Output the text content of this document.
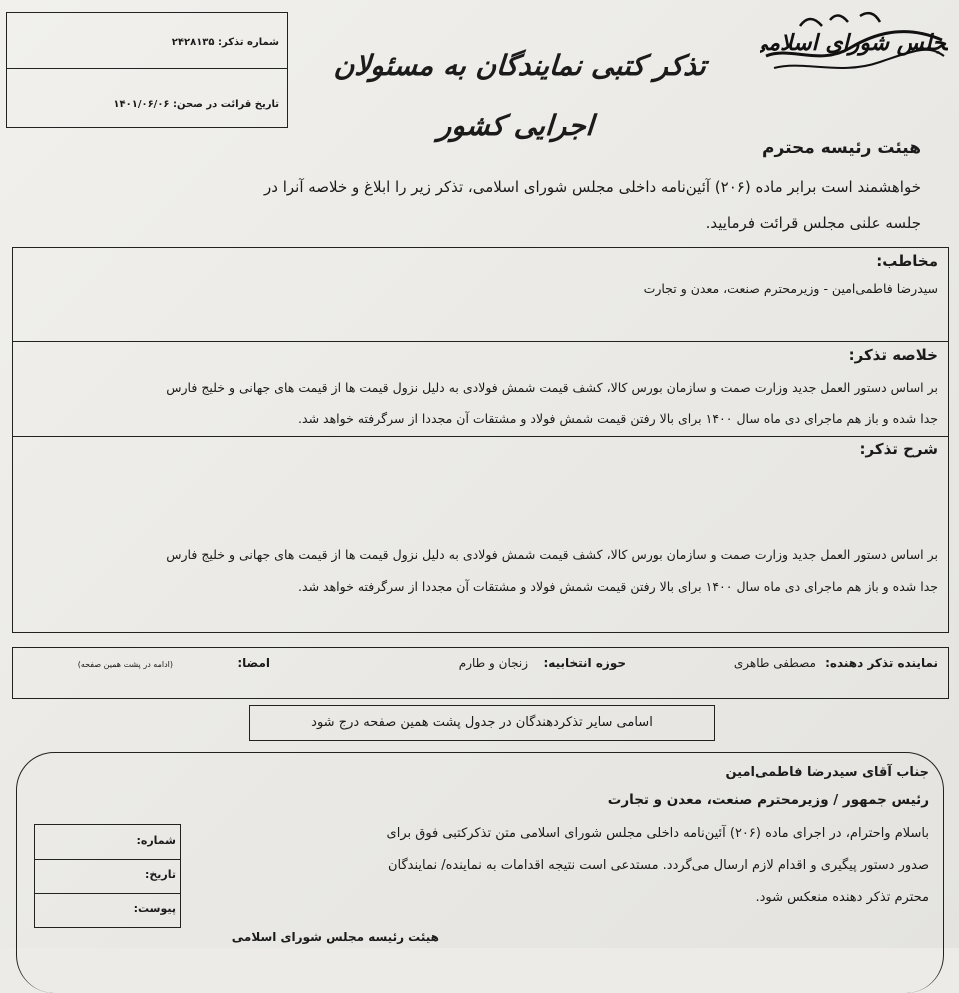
مجلس شورای اسلامی
تذکر کتبی نمایندگان به مسئولان اجرایی کشور
شماره تذکر: ۲۴۲۸۱۳۵
تاریخ قرائت در صحن: ۱۴۰۱/۰۶/۰۶
هیئت رئیسه محترم
خواهشمند است برابر ماده (۲۰۶) آئین‌نامه داخلی مجلس شورای اسلامی، تذکر زیر را ابلاغ و خلاصه آنرا در
جلسه علنی مجلس قرائت فرمایید.
مخاطب:
سیدرضا فاطمی‌امین - وزیرمحترم صنعت، معدن و تجارت
خلاصه تذکر:
بر اساس دستور العمل جدید وزارت صمت و سازمان بورس کالا، کشف قیمت شمش فولادی به دلیل نزول قیمت ها از قیمت های جهانی و خلیج فارس
جدا شده و باز هم ماجرای دی ماه سال ۱۴۰۰ برای بالا رفتن قیمت شمش فولاد و مشتقات آن مجددا از سرگرفته خواهد شد.
شرح تذکر:
بر اساس دستور العمل جدید وزارت صمت و سازمان بورس کالا، کشف قیمت شمش فولادی به دلیل نزول قیمت ها از قیمت های جهانی و خلیج فارس
جدا شده و باز هم ماجرای دی ماه سال ۱۴۰۰ برای بالا رفتن قیمت شمش فولاد و مشتقات آن مجددا از سرگرفته خواهد شد.
نماینده تذکر دهنده:
مصطفی طاهری
حوزه انتخابیه:
زنجان و طارم
امضا:
(ادامه در پشت همین صفحه)
اسامی سایر تذکردهندگان در جدول پشت همین صفحه درج شود
جناب آقای سیدرضا فاطمی‌امین
رئیس جمهور / وزیرمحترم صنعت، معدن و تجارت
باسلام واحترام، در اجرای ماده (۲۰۶) آئین‌نامه داخلی مجلس شورای اسلامی متن تذکرکتبی فوق برای
صدور دستور پیگیری و اقدام لازم ارسال می‌گردد. مستدعی است نتیجه اقدامات به نماینده/ نمایندگان
محترم تذکر دهنده منعکس شود.
هیئت رئیسه مجلس شورای اسلامی
شماره:
تاریخ:
پیوست:
